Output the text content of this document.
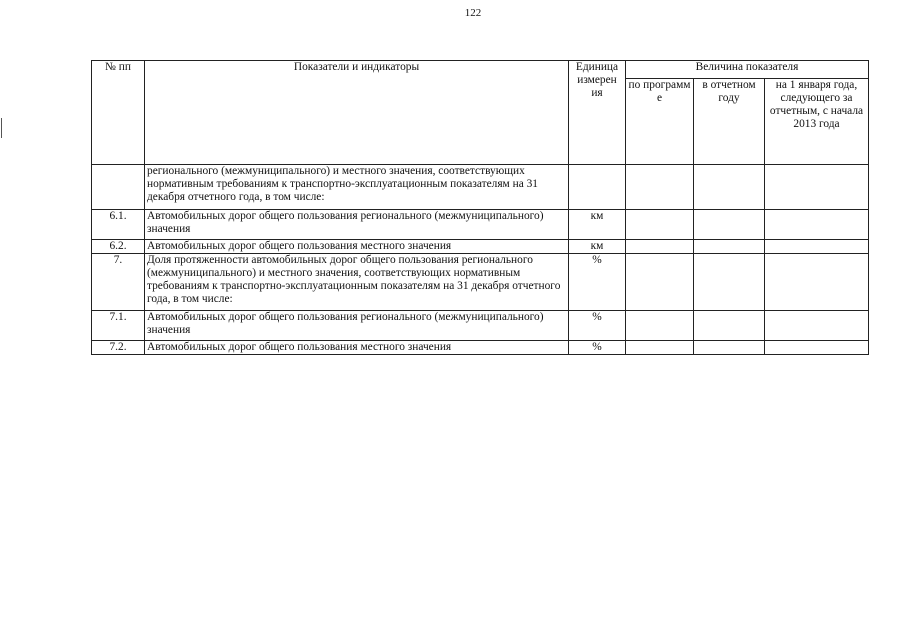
122
№ пп	Показатели и индикаторы	Единица измерен ия	Величина показателя		
			по программ е	в отчетном году	на 1 января года, следующего за отчетным, с начала 2013 года
	регионального (межмуниципального) и местного значения, соответствующих нормативным требованиям к транспортно-эксплуатационным показателям на 31 декабря отчетного года, в том числе:				
6.1.	Автомобильных дорог общего пользования регионального (межмуниципального) значения	км			
6.2.	Автомобильных дорог общего пользования местного значения	км			
7.	Доля протяженности автомобильных дорог общего пользования регионального (межмуниципального) и местного значения, соответствующих нормативным требованиям к транспортно-эксплуатационным показателям на 31 декабря отчетного года, в том числе:	%			
7.1.	Автомобильных дорог общего пользования регионального (межмуниципального) значения	%			
7.2.	Автомобильных дорог общего пользования местного значения	%			
